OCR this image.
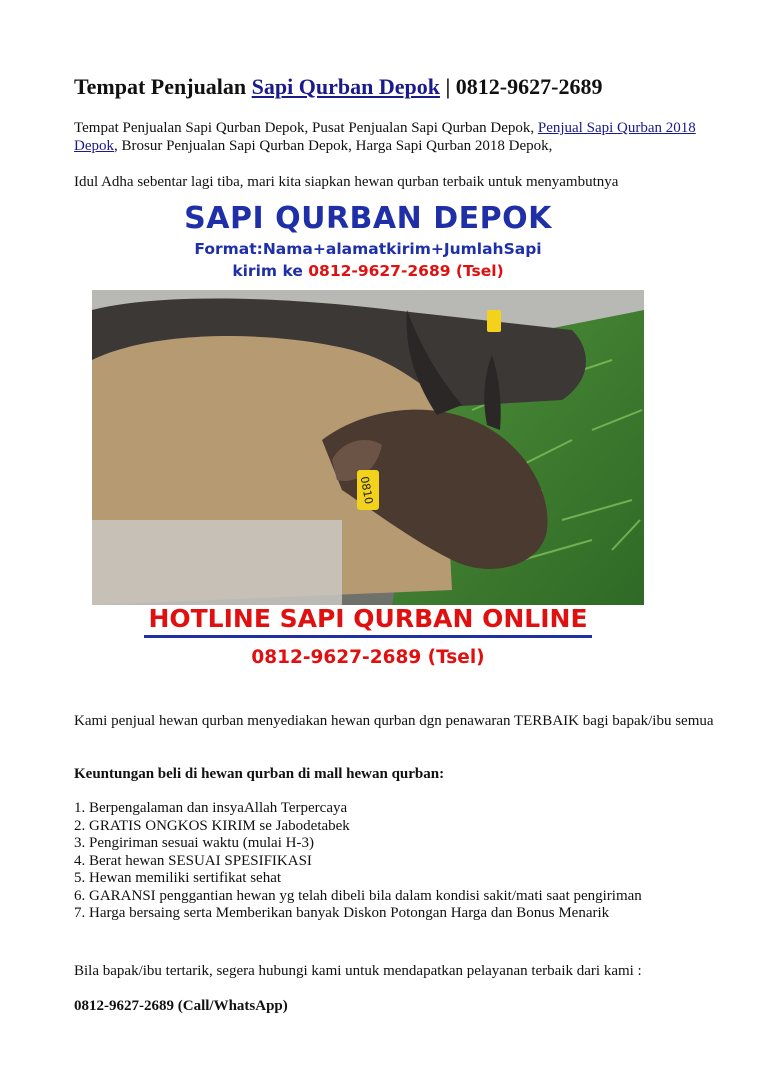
Tempat Penjualan Sapi Qurban Depok | 0812-9627-2689

Tempat Penjualan Sapi Qurban Depok, Pusat Penjualan Sapi Qurban Depok, Penjual Sapi Qurban 2018 Depok, Brosur Penjualan Sapi Qurban Depok, Harga Sapi Qurban 2018 Depok,

Idul Adha sebentar lagi tiba, mari kita siapkan hewan qurban terbaik untuk menyambutnya

SAPI QURBAN DEPOK
Format:Nama+alamatkirim+JumlahSapi
kirim ke 0812-9627-2689 (Tsel)
0810
HOTLINE SAPI QURBAN ONLINE
0812-9627-2689 (Tsel)

Kami penjual hewan qurban menyediakan hewan qurban dgn penawaran TERBAIK bagi bapak/ibu semua

Keuntungan beli di hewan qurban di mall hewan qurban:

1. Berpengalaman dan insyaAllah Terpercaya
2. GRATIS ONGKOS KIRIM se Jabodetabek
3. Pengiriman sesuai waktu (mulai H-3)
4. Berat hewan SESUAI SPESIFIKASI
5. Hewan memiliki sertifikat sehat
6. GARANSI penggantian hewan yg telah dibeli bila dalam kondisi sakit/mati saat pengiriman
7. Harga bersaing serta Memberikan banyak Diskon Potongan Harga dan Bonus Menarik

Bila bapak/ibu tertarik, segera hubungi kami untuk mendapatkan pelayanan terbaik dari kami :

0812-9627-2689 (Call/WhatsApp)
